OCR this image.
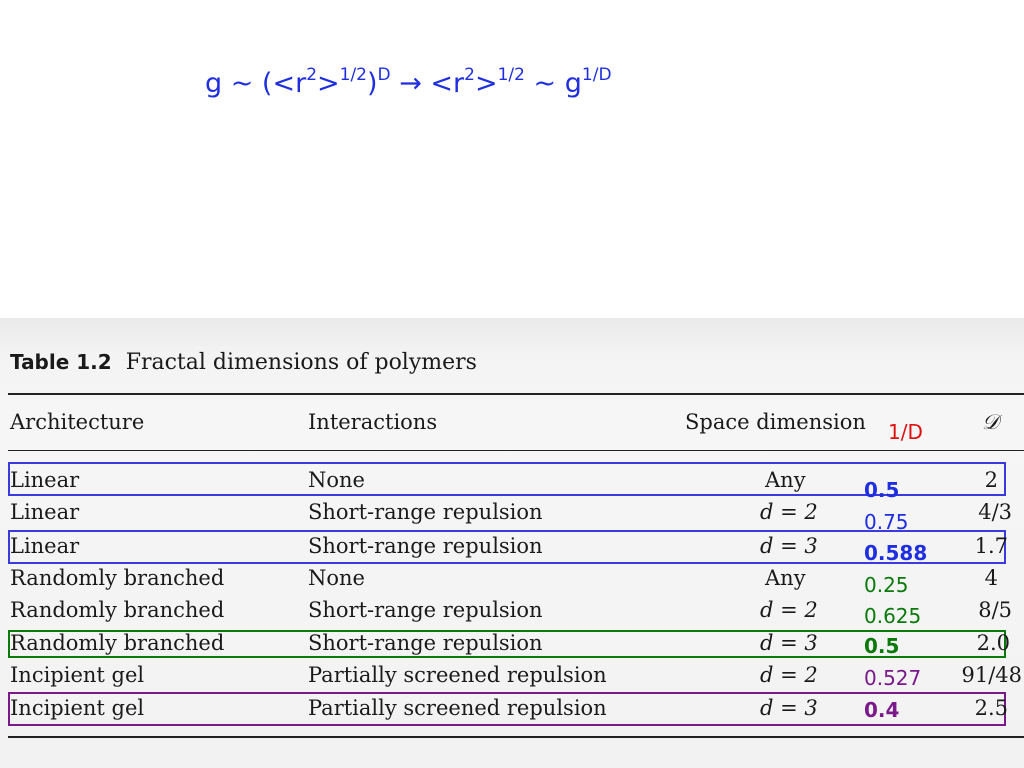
g ~ $(<r^2>^{1/2})^D \to <r^2>^{1/2}$ ~ $g^{1/D}$
Table 1.2 Fractal dimensions of polymers
Architecture	Interactions	Space dimension 1/D	𝒟
Linear	None	Any	0.5	2
Linear	Short-range repulsion	d = 2 0.75	4/3
Linear	Short-range repulsion	d = 3 0.588	1.7
Randomly branched	None	Any	0.25	4
Randomly branched	Short-range repulsion	d = 2 0.625	8/5
Randomly branched	Short-range repulsion	d = 3 0.5	2.0
Incipient gel	Partially screened repulsion	d = 2 0.527	91/48
Incipient gel	Partially screened repulsion	d = 3 0.4	2.5
